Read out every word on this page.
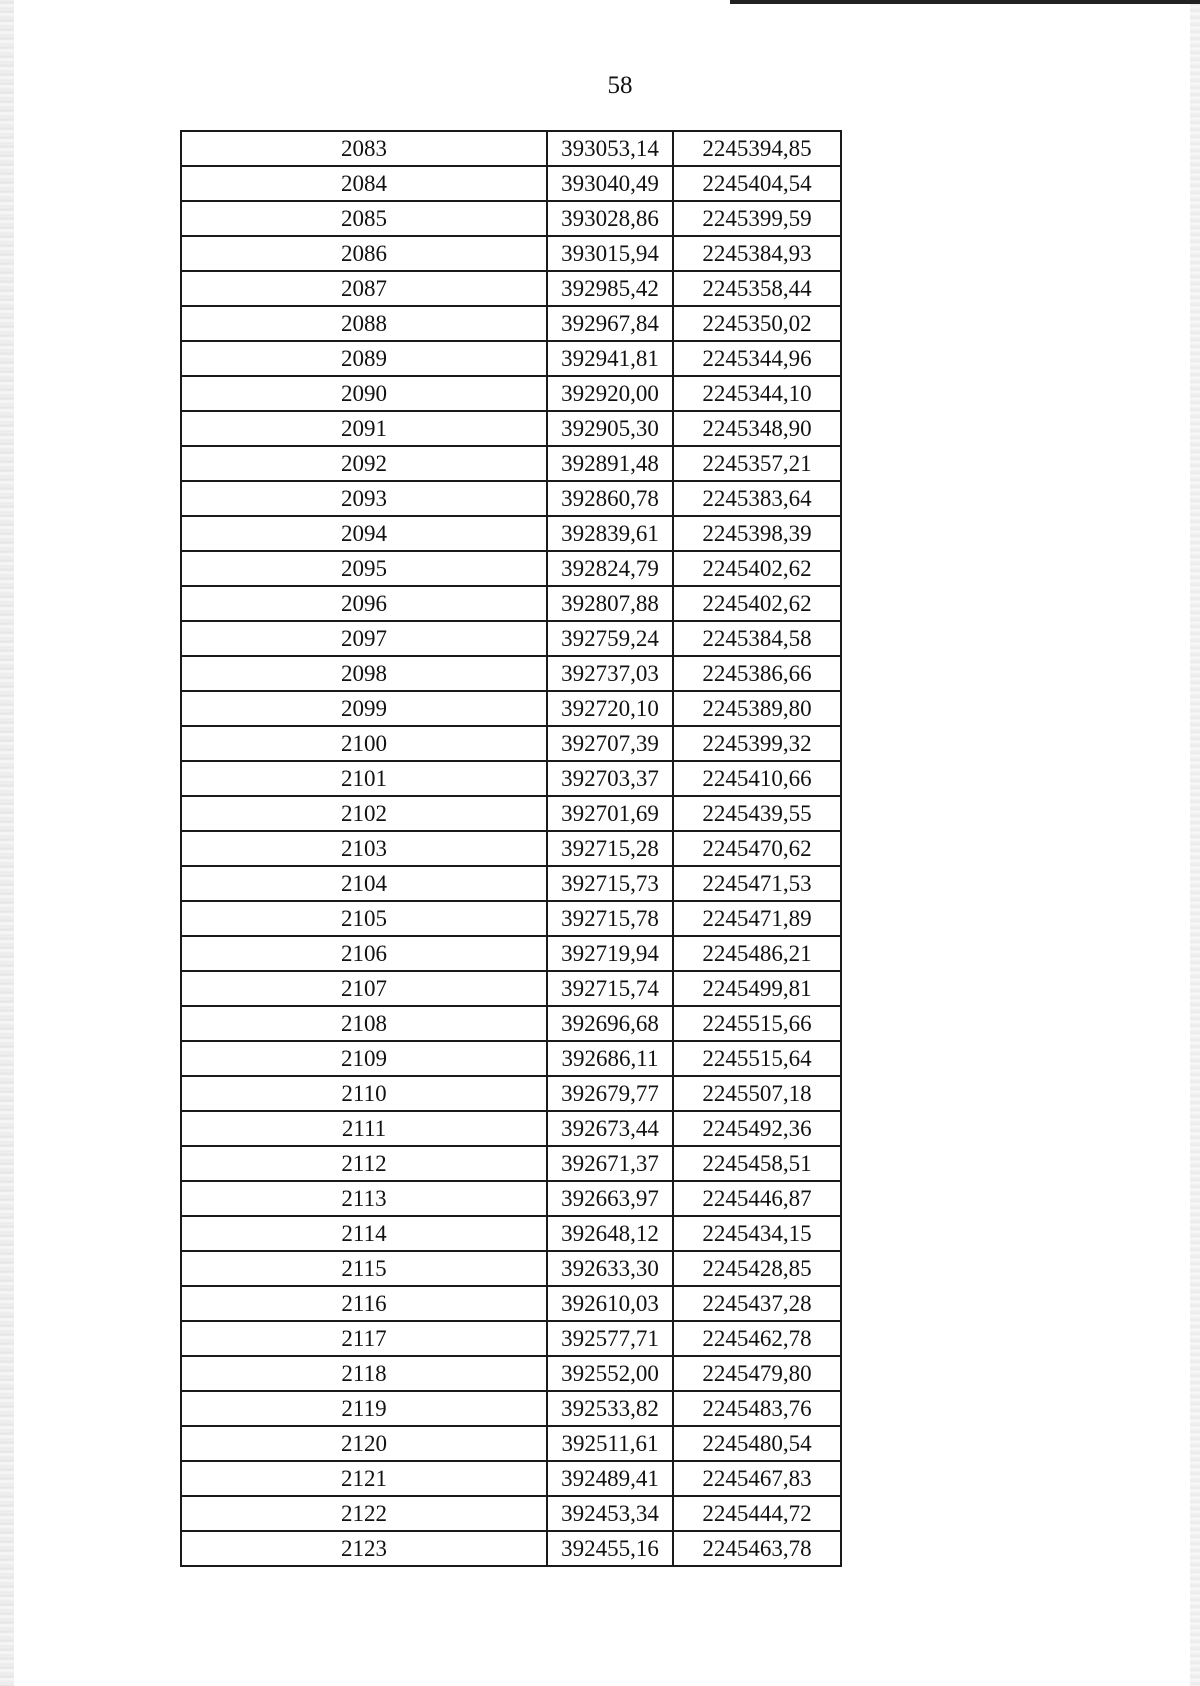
58
2083	393053,14	2245394,85
2084	393040,49	2245404,54
2085	393028,86	2245399,59
2086	393015,94	2245384,93
2087	392985,42	2245358,44
2088	392967,84	2245350,02
2089	392941,81	2245344,96
2090	392920,00	2245344,10
2091	392905,30	2245348,90
2092	392891,48	2245357,21
2093	392860,78	2245383,64
2094	392839,61	2245398,39
2095	392824,79	2245402,62
2096	392807,88	2245402,62
2097	392759,24	2245384,58
2098	392737,03	2245386,66
2099	392720,10	2245389,80
2100	392707,39	2245399,32
2101	392703,37	2245410,66
2102	392701,69	2245439,55
2103	392715,28	2245470,62
2104	392715,73	2245471,53
2105	392715,78	2245471,89
2106	392719,94	2245486,21
2107	392715,74	2245499,81
2108	392696,68	2245515,66
2109	392686,11	2245515,64
2110	392679,77	2245507,18
2111	392673,44	2245492,36
2112	392671,37	2245458,51
2113	392663,97	2245446,87
2114	392648,12	2245434,15
2115	392633,30	2245428,85
2116	392610,03	2245437,28
2117	392577,71	2245462,78
2118	392552,00	2245479,80
2119	392533,82	2245483,76
2120	392511,61	2245480,54
2121	392489,41	2245467,83
2122	392453,34	2245444,72
2123	392455,16	2245463,78
